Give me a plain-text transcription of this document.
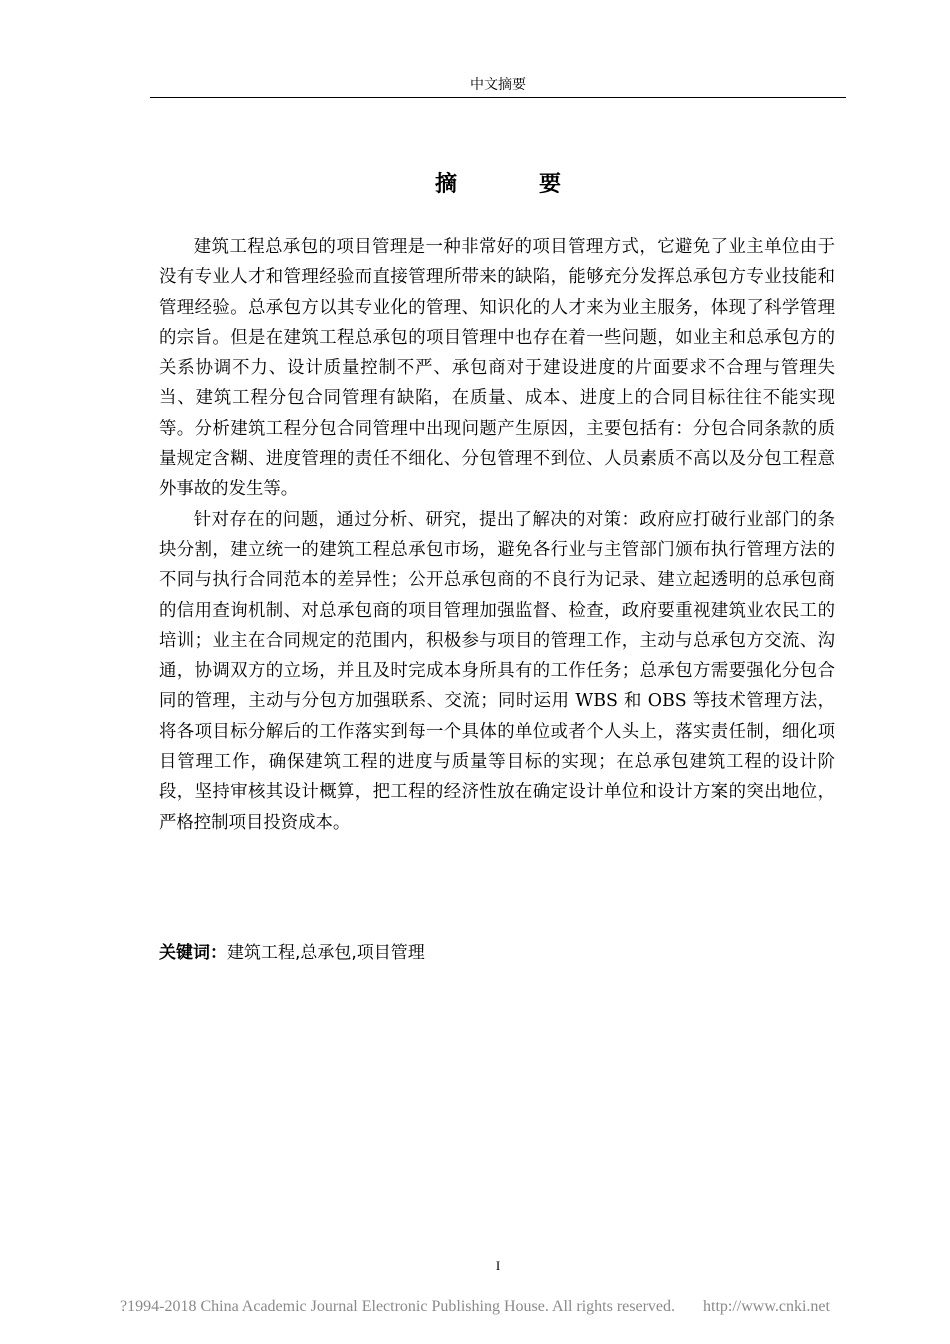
中文摘要
摘　要

建筑工程总承包的项目管理是一种非常好的项目管理方式，它避免了业主单位由于没有专业人才和管理经验而直接管理所带来的缺陷，能够充分发挥总承包方专业技能和管理经验。总承包方以其专业化的管理、知识化的人才来为业主服务，体现了科学管理的宗旨。但是在建筑工程总承包的项目管理中也存在着一些问题，如业主和总承包方的关系协调不力、设计质量控制不严、承包商对于建设进度的片面要求不合理与管理失当、建筑工程分包合同管理有缺陷，在质量、成本、进度上的合同目标往往不能实现等。分析建筑工程分包合同管理中出现问题产生原因，主要包括有：分包合同条款的质量规定含糊、进度管理的责任不细化、分包管理不到位、人员素质不高以及分包工程意外事故的发生等。

针对存在的问题，通过分析、研究，提出了解决的对策：政府应打破行业部门的条块分割，建立统一的建筑工程总承包市场，避免各行业与主管部门颁布执行管理方法的不同与执行合同范本的差异性；公开总承包商的不良行为记录、建立起透明的总承包商的信用查询机制、对总承包商的项目管理加强监督、检查，政府要重视建筑业农民工的培训；业主在合同规定的范围内，积极参与项目的管理工作，主动与总承包方交流、沟通，协调双方的立场，并且及时完成本身所具有的工作任务；总承包方需要强化分包合同的管理，主动与分包方加强联系、交流；同时运用 WBS 和 OBS 等技术管理方法，将各项目标分解后的工作落实到每一个具体的单位或者个人头上，落实责任制，细化项目管理工作，确保建筑工程的进度与质量等目标的实现；在总承包建筑工程的设计阶段，坚持审核其设计概算，把工程的经济性放在确定设计单位和设计方案的突出地位，严格控制项目投资成本。

关键词：建筑工程,总承包,项目管理
I
?1994-2018 China Academic Journal Electronic Publishing House. All rights reserved. http://www.cnki.net
